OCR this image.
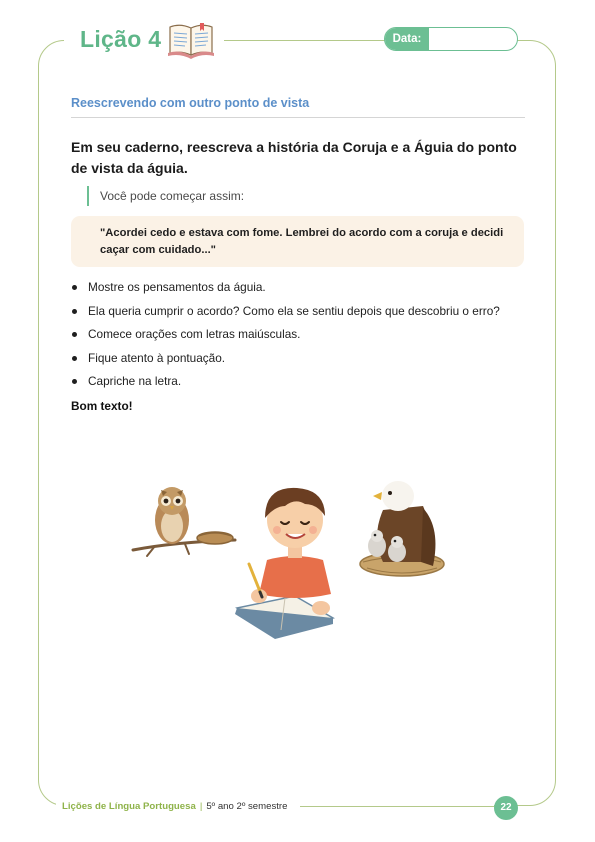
Lição 4	Data:
Reescrevendo com outro ponto de vista
Em seu caderno, reescreva a história da Coruja e a Águia do ponto de vista da águia.
Você pode começar assim:
"Acordei cedo e estava com fome. Lembrei do acordo com a coruja e decidi caçar com cuidado..."
Mostre os pensamentos da águia.
Ela queria cumprir o acordo? Como ela se sentiu depois que descobriu o erro?
Comece orações com letras maiúsculas.
Fique atento à pontuação.
Capriche na letra.
Bom texto!
Lições de Língua Portuguesa | 5º ano 2º semestre	22
